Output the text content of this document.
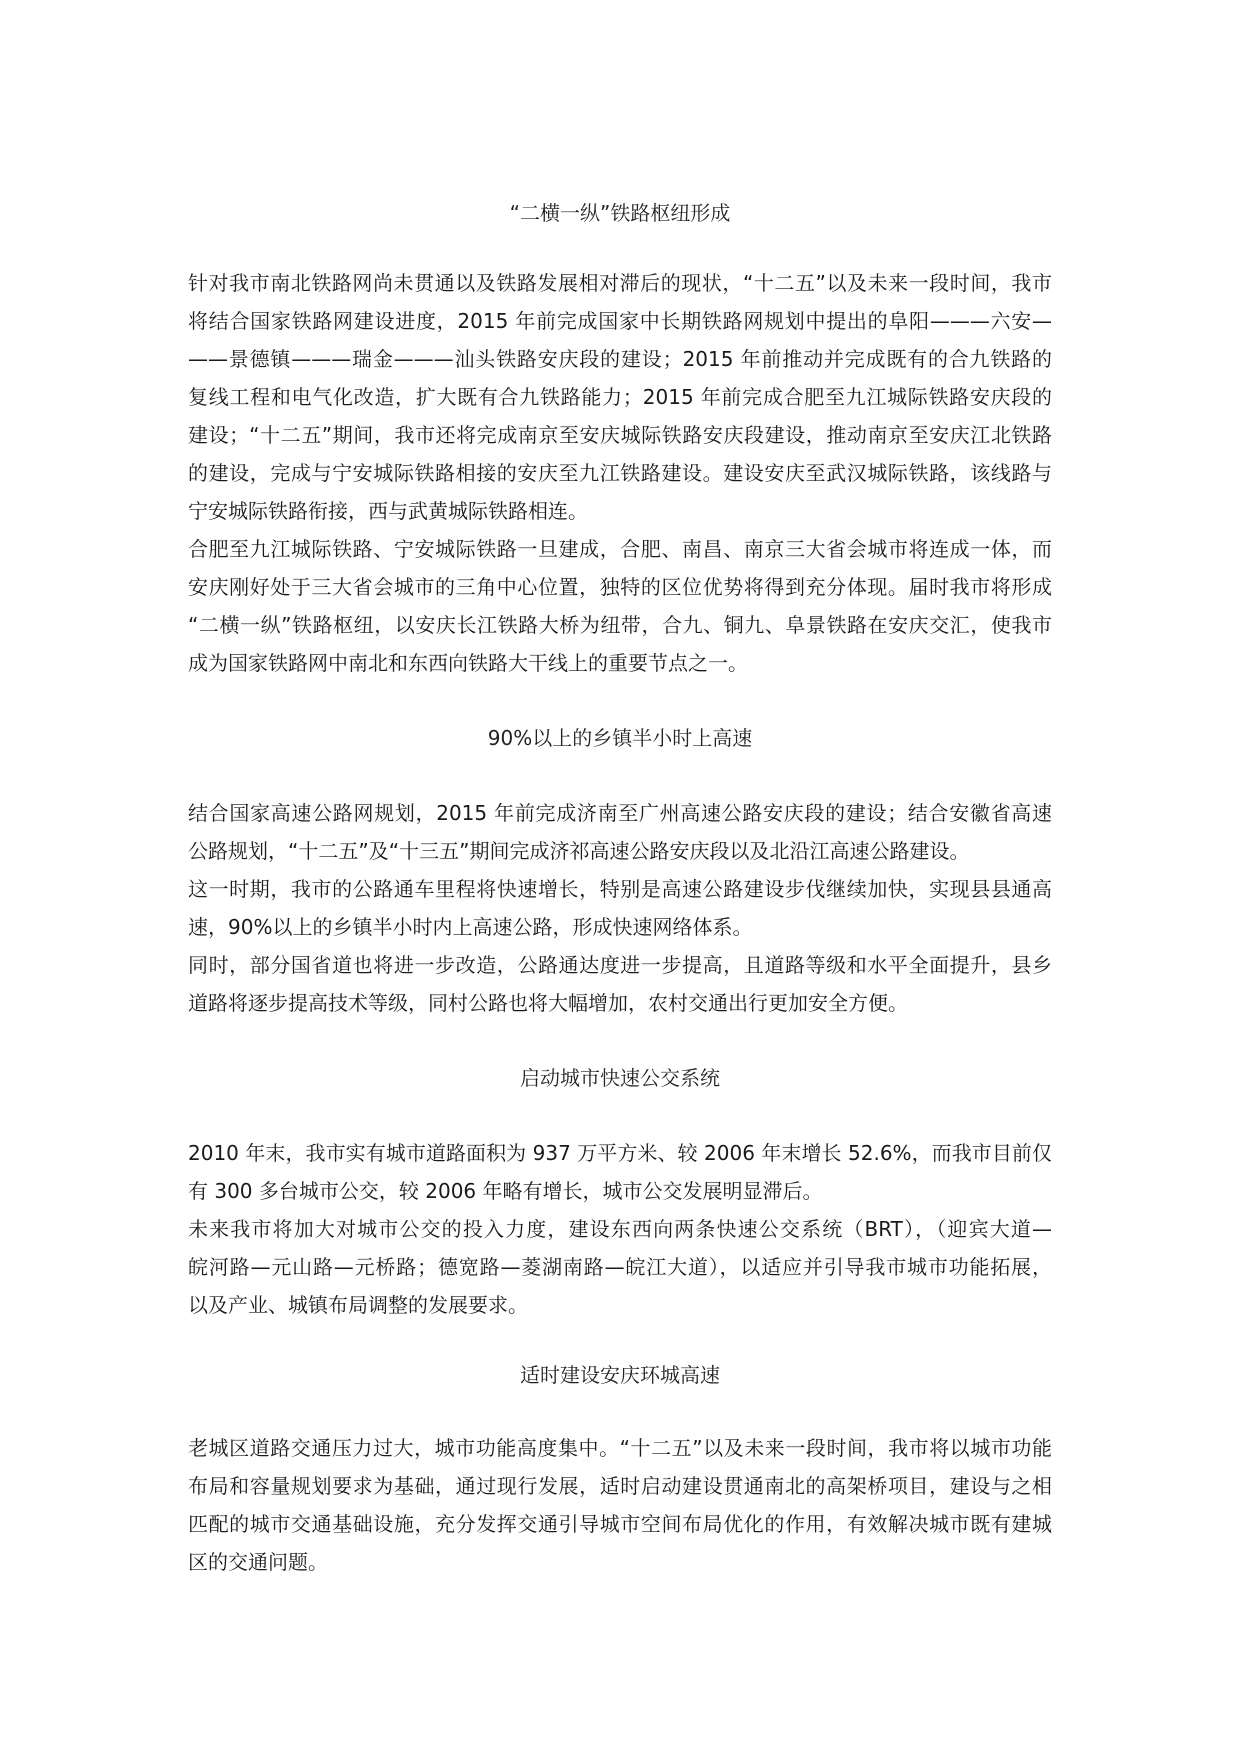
“二横一纵”铁路枢纽形成
针对我市南北铁路网尚未贯通以及铁路发展相对滞后的现状，“十二五”以及未来一段时间，我市
将结合国家铁路网建设进度，2015 年前完成国家中长期铁路网规划中提出的阜阳———六安—
——景德镇———瑞金———汕头铁路安庆段的建设；2015 年前推动并完成既有的合九铁路的
复线工程和电气化改造，扩大既有合九铁路能力；2015 年前完成合肥至九江城际铁路安庆段的
建设；“十二五”期间，我市还将完成南京至安庆城际铁路安庆段建设，推动南京至安庆江北铁路
的建设，完成与宁安城际铁路相接的安庆至九江铁路建设。建设安庆至武汉城际铁路，该线路与
宁安城际铁路衔接，西与武黄城际铁路相连。
合肥至九江城际铁路、宁安城际铁路一旦建成，合肥、南昌、南京三大省会城市将连成一体，而
安庆刚好处于三大省会城市的三角中心位置，独特的区位优势将得到充分体现。届时我市将形成
“二横一纵”铁路枢纽，以安庆长江铁路大桥为纽带，合九、铜九、阜景铁路在安庆交汇，使我市
成为国家铁路网中南北和东西向铁路大干线上的重要节点之一。
90%以上的乡镇半小时上高速
结合国家高速公路网规划，2015 年前完成济南至广州高速公路安庆段的建设；结合安徽省高速
公路规划，“十二五”及“十三五”期间完成济祁高速公路安庆段以及北沿江高速公路建设。
这一时期，我市的公路通车里程将快速增长，特别是高速公路建设步伐继续加快，实现县县通高
速，90%以上的乡镇半小时内上高速公路，形成快速网络体系。
同时，部分国省道也将进一步改造，公路通达度进一步提高，且道路等级和水平全面提升，县乡
道路将逐步提高技术等级，同村公路也将大幅增加，农村交通出行更加安全方便。
启动城市快速公交系统
2010 年末，我市实有城市道路面积为 937 万平方米、较 2006 年末增长 52.6%，而我市目前仅
有 300 多台城市公交，较 2006 年略有增长，城市公交发展明显滞后。
未来我市将加大对城市公交的投入力度，建设东西向两条快速公交系统（BRT），（迎宾大道—
皖河路—元山路—元桥路；德宽路—菱湖南路—皖江大道），以适应并引导我市城市功能拓展，
以及产业、城镇布局调整的发展要求。
适时建设安庆环城高速
老城区道路交通压力过大，城市功能高度集中。“十二五”以及未来一段时间，我市将以城市功能
布局和容量规划要求为基础，通过现行发展，适时启动建设贯通南北的高架桥项目，建设与之相
匹配的城市交通基础设施，充分发挥交通引导城市空间布局优化的作用，有效解决城市既有建城
区的交通问题。
